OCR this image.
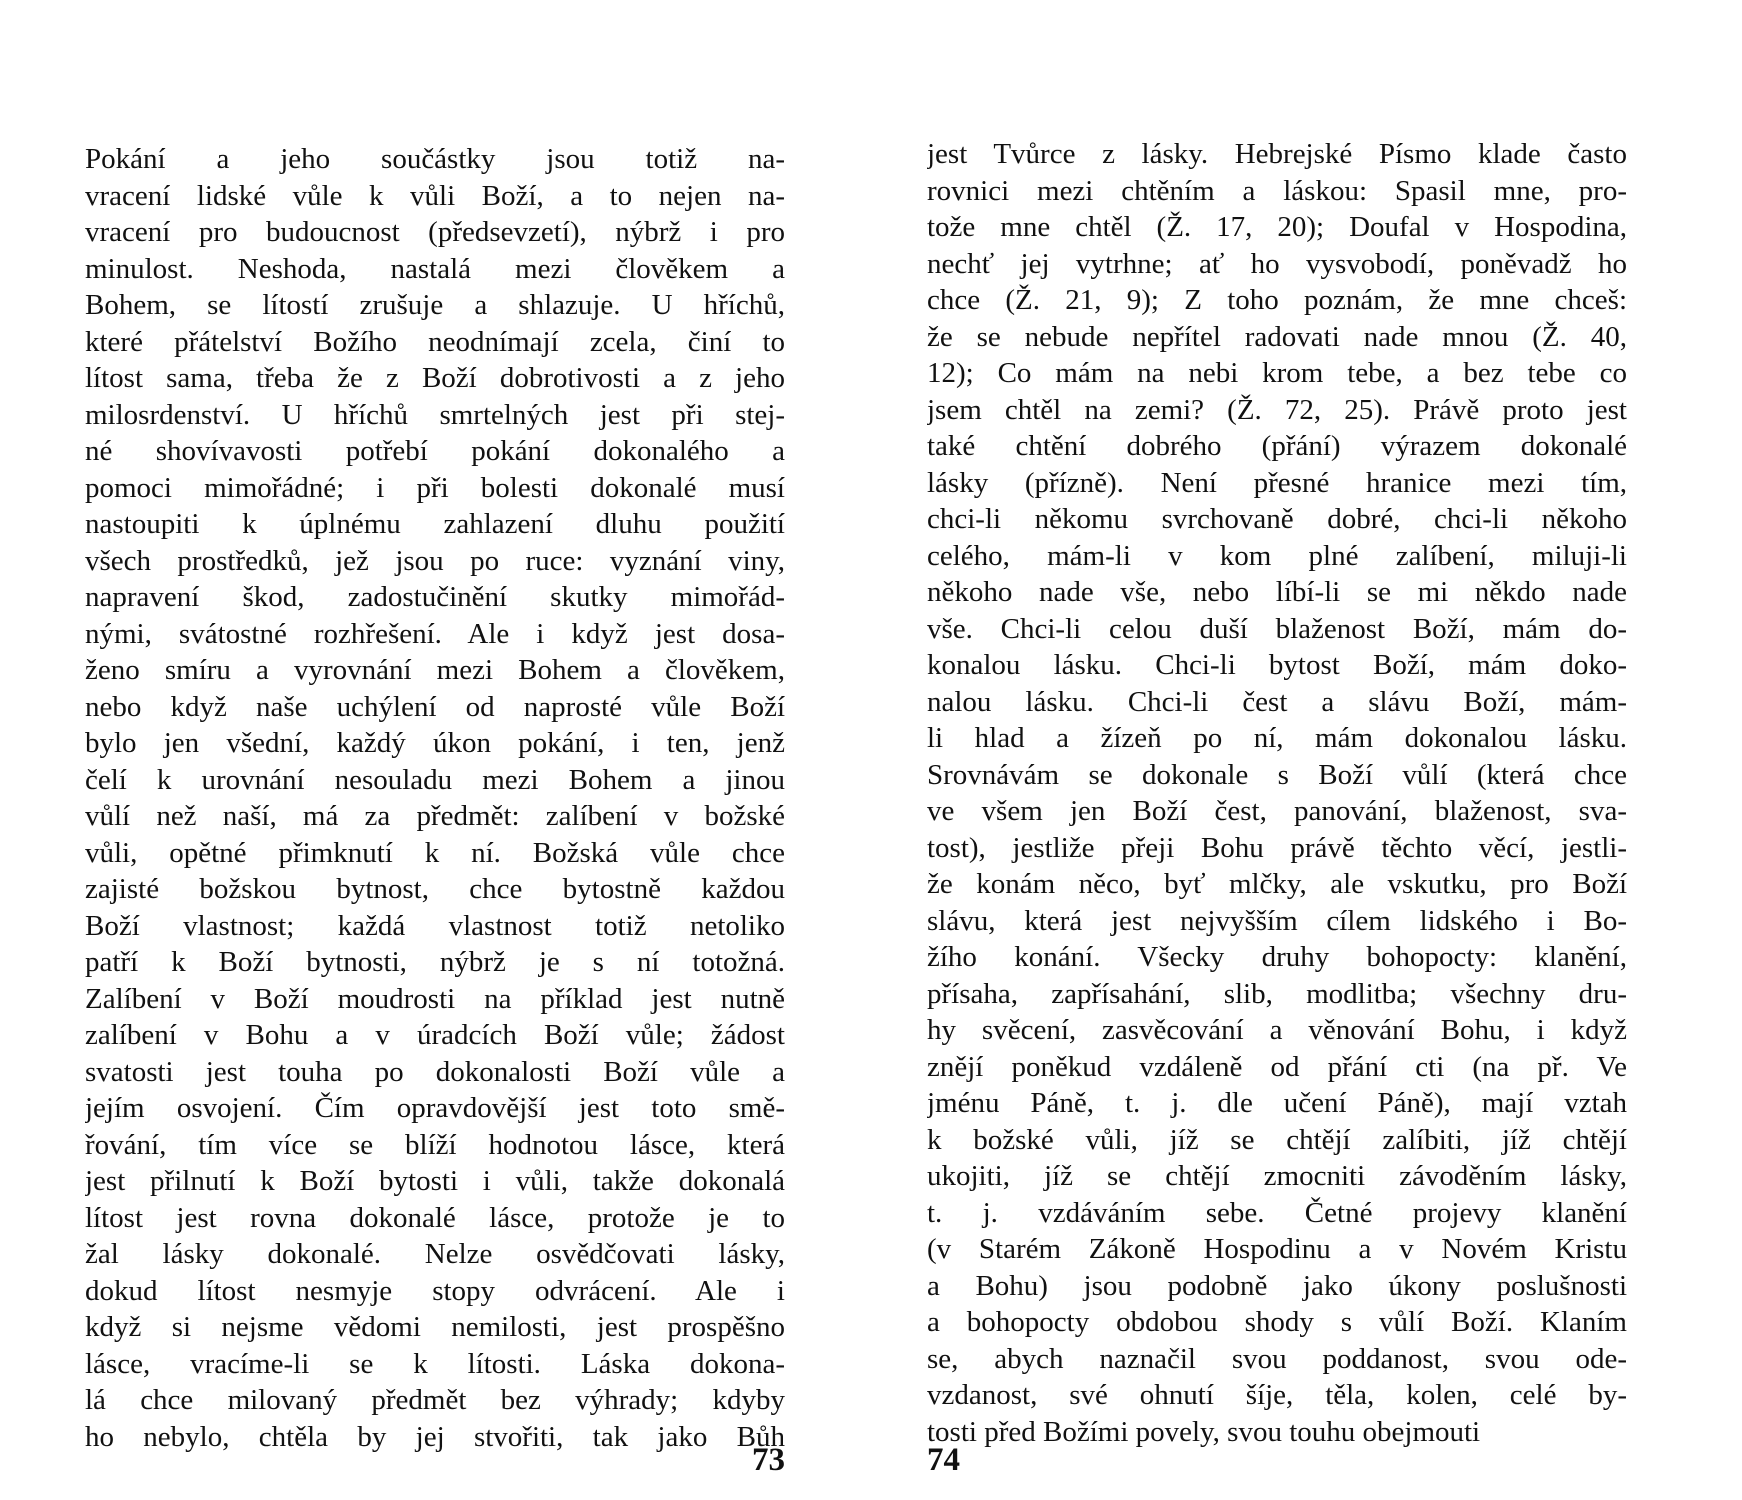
Pokání a jeho součástky jsou totiž na-
vracení lidské vůle k vůli Boží, a to nejen na-
vracení pro budoucnost (předsevzetí), nýbrž i pro
minulost. Neshoda, nastalá mezi člověkem a
Bohem, se lítostí zrušuje a shlazuje. U hříchů,
které přátelství Božího neodnímají zcela, činí to
lítost sama, třeba že z Boží dobrotivosti a z jeho
milosrdenství. U hříchů smrtelných jest při stej-
né shovívavosti potřebí pokání dokonalého a
pomoci mimořádné; i při bolesti dokonalé musí
nastoupiti k úplnému zahlazení dluhu použití
všech prostředků, jež jsou po ruce: vyznání viny,
napravení škod, zadostučinění skutky mimořád-
nými, svátostné rozhřešení. Ale i když jest dosa-
ženo smíru a vyrovnání mezi Bohem a člověkem,
nebo když naše uchýlení od naprosté vůle Boží
bylo jen všední, každý úkon pokání, i ten, jenž
čelí k urovnání nesouladu mezi Bohem a jinou
vůlí než naší, má za předmět: zalíbení v božské
vůli, opětné přimknutí k ní. Božská vůle chce
zajisté božskou bytnost, chce bytostně každou
Boží vlastnost; každá vlastnost totiž netoliko
patří k Boží bytnosti, nýbrž je s ní totožná.
Zalíbení v Boží moudrosti na příklad jest nutně
zalíbení v Bohu a v úradcích Boží vůle; žádost
svatosti jest touha po dokonalosti Boží vůle a
jejím osvojení. Čím opravdovější jest toto smě-
řování, tím více se blíží hodnotou lásce, která
jest přilnutí k Boží bytosti i vůli, takže dokonalá
lítost jest rovna dokonalé lásce, protože je to
žal lásky dokonalé. Nelze osvědčovati lásky,
dokud lítost nesmyje stopy odvrácení. Ale i
když si nejsme vědomi nemilosti, jest prospěšno
lásce, vracíme-li se k lítosti. Láska dokona-
lá chce milovaný předmět bez výhrady; kdyby
ho nebylo, chtěla by jej stvořiti, tak jako Bůh
73
jest Tvůrce z lásky. Hebrejské Písmo klade často
rovnici mezi chtěním a láskou: Spasil mne, pro-
tože mne chtěl (Ž. 17, 20); Doufal v Hospodina,
nechť jej vytrhne; ať ho vysvobodí, poněvadž ho
chce (Ž. 21, 9); Z toho poznám, že mne chceš:
že se nebude nepřítel radovati nade mnou (Ž. 40,
12); Co mám na nebi krom tebe, a bez tebe co
jsem chtěl na zemi? (Ž. 72, 25). Právě proto jest
také chtění dobrého (přání) výrazem dokonalé
lásky (přízně). Není přesné hranice mezi tím,
chci-li někomu svrchovaně dobré, chci-li někoho
celého, mám-li v kom plné zalíbení, miluji-li
někoho nade vše, nebo líbí-li se mi někdo nade
vše. Chci-li celou duší blaženost Boží, mám do-
konalou lásku. Chci-li bytost Boží, mám doko-
nalou lásku. Chci-li čest a slávu Boží, mám-
li hlad a žízeň po ní, mám dokonalou lásku.
Srovnávám se dokonale s Boží vůlí (která chce
ve všem jen Boží čest, panování, blaženost, sva-
tost), jestliže přeji Bohu právě těchto věcí, jestli-
že konám něco, byť mlčky, ale vskutku, pro Boží
slávu, která jest nejvyšším cílem lidského i Bo-
žího konání. Všecky druhy bohopocty: klanění,
přísaha, zapřísahání, slib, modlitba; všechny dru-
hy svěcení, zasvěcování a věnování Bohu, i když
znějí poněkud vzdáleně od přání cti (na př. Ve
jménu Páně, t. j. dle učení Páně), mají vztah
k božské vůli, jíž se chtějí zalíbiti, jíž chtějí
ukojiti, jíž se chtějí zmocniti závoděním lásky,
t. j. vzdáváním sebe. Četné projevy klanění
(v Starém Zákoně Hospodinu a v Novém Kristu
a Bohu) jsou podobně jako úkony poslušnosti
a bohopocty obdobou shody s vůlí Boží. Klaním
se, abych naznačil svou poddanost, svou ode-
vzdanost, své ohnutí šíje, těla, kolen, celé by-
tosti před Božími povely, svou touhu obejmouti
74
